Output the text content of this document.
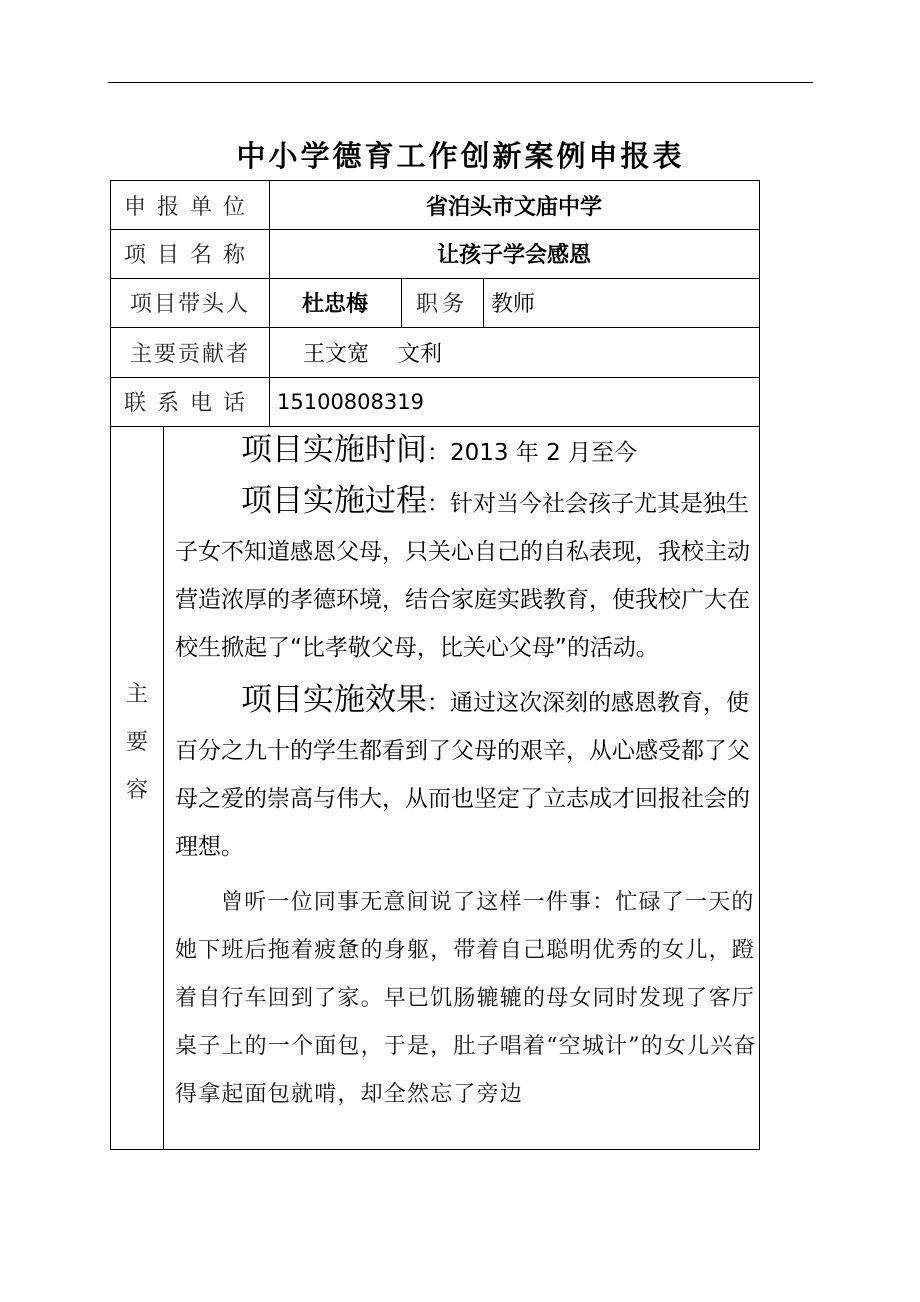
中小学德育工作创新案例申报表
申报单位	省泊头市文庙中学
项目名称	让孩子学会感恩
项目带头人	杜忠梅	职务	教师
主要贡献者	王文宽　 文利
联系电话	15100808319
主
要
容

项目实施时间：2013 年 2 月至今

项目实施过程：针对当今社会孩子尤其是独生子女不知道感恩父母，只关心自己的自私表现，我校主动营造浓厚的孝德环境，结合家庭实践教育，使我校广大在校生掀起了“比孝敬父母，比关心父母”的活动。

项目实施效果：通过这次深刻的感恩教育，使百分之九十的学生都看到了父母的艰辛，从心感受都了父母之爱的崇高与伟大，从而也坚定了立志成才回报社会的理想。

曾听一位同事无意间说了这样一件事：忙碌了一天的她下班后拖着疲惫的身躯，带着自己聪明优秀的女儿，蹬着自行车回到了家。早已饥肠辘辘的母女同时发现了客厅桌子上的一个面包，于是，肚子唱着“空城计”的女儿兴奋得拿起面包就啃，却全然忘了旁边
